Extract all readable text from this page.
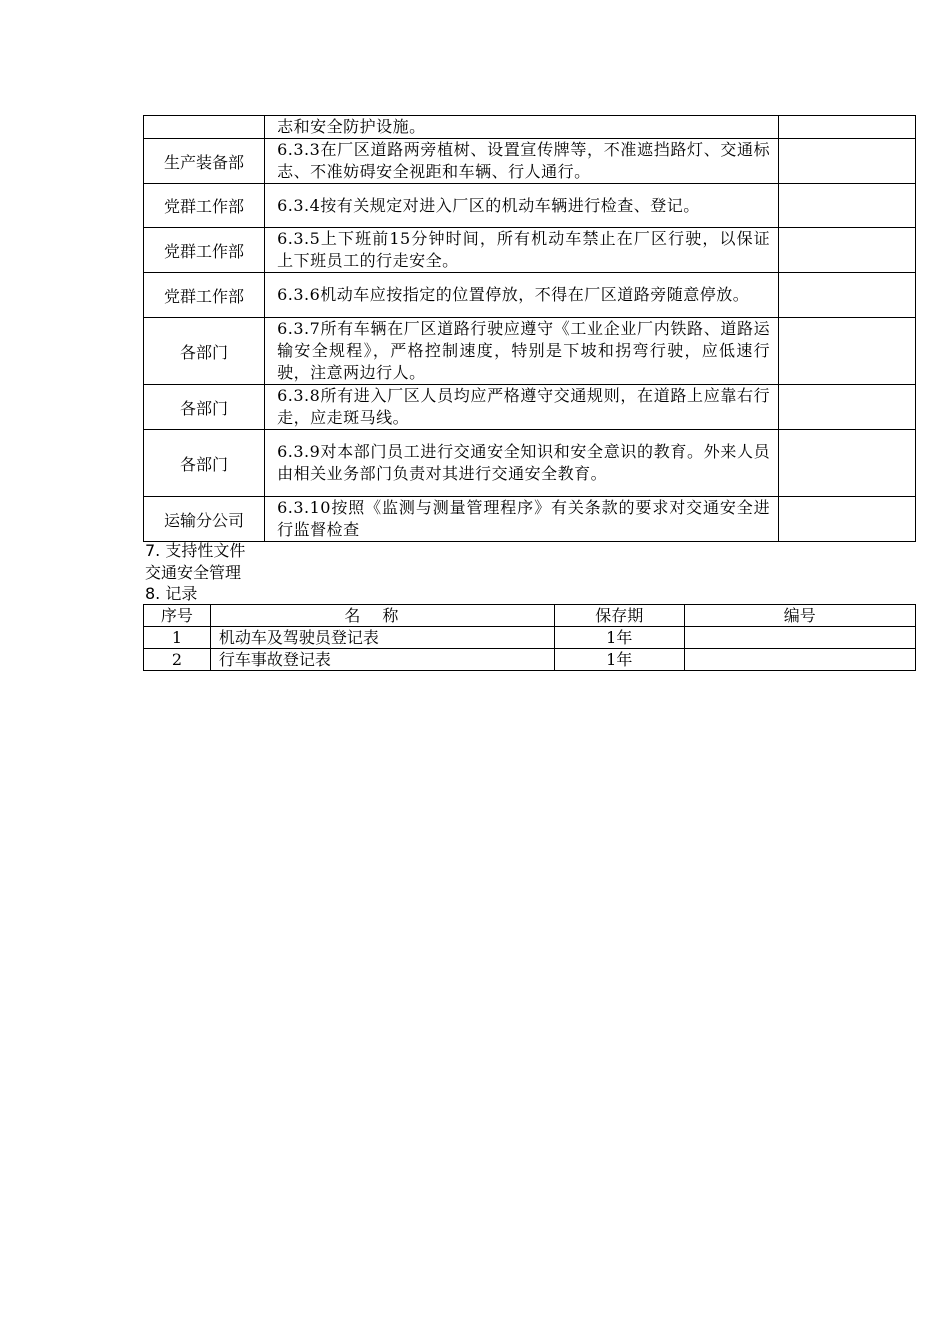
	志和安全防护设施。	
生产装备部	6.3.3在厂区道路两旁植树、设置宣传牌等，不准遮挡路灯、交通标志、不准妨碍安全视距和车辆、行人通行。	
党群工作部	6.3.4按有关规定对进入厂区的机动车辆进行检查、登记。	
党群工作部	6.3.5上下班前15分钟时间，所有机动车禁止在厂区行驶，以保证上下班员工的行走安全。	
党群工作部	6.3.6机动车应按指定的位置停放，不得在厂区道路旁随意停放。	
各部门	6.3.7所有车辆在厂区道路行驶应遵守《工业企业厂内铁路、道路运输安全规程》，严格控制速度，特别是下坡和拐弯行驶，应低速行驶，注意两边行人。	
各部门	6.3.8所有进入厂区人员均应严格遵守交通规则，在道路上应靠右行走，应走斑马线。	
各部门	6.3.9对本部门员工进行交通安全知识和安全意识的教育。外来人员由相关业务部门负责对其进行交通安全教育。	
运输分公司	6.3.10按照《监测与测量管理程序》有关条款的要求对交通安全进行监督检查	
7. 支持性文件
交通安全管理
8. 记录
序号	名称	保存期	编号
1	机动车及驾驶员登记表	1年	
2	行车事故登记表	1年	
